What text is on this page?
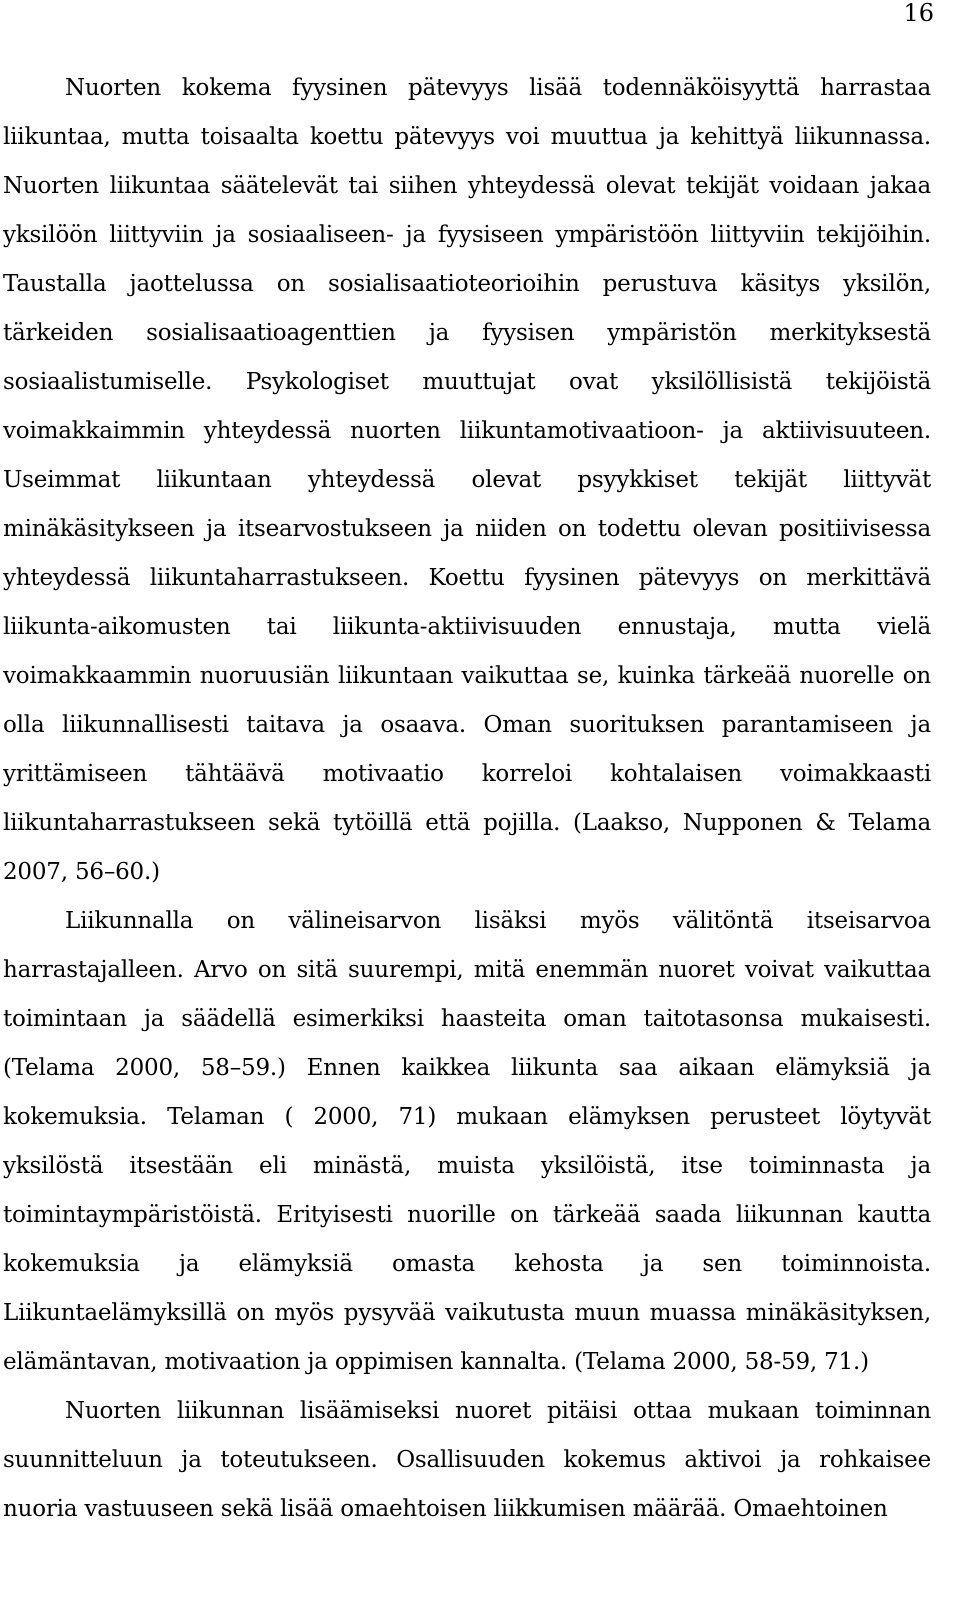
16

Nuorten kokema fyysinen pätevyys lisää todennäköisyyttä harrastaa liikuntaa, mutta toisaalta koettu pätevyys voi muuttua ja kehittyä liikunnassa. Nuorten liikuntaa säätelevät tai siihen yhteydessä olevat tekijät voidaan jakaa yksilöön liittyviin ja sosiaaliseen- ja fyysiseen ympäristöön liittyviin tekijöihin. Taustalla jaottelussa on sosialisaatioteorioihin perustuva käsitys yksilön, tärkeiden sosialisaatioagenttien ja fyysisen ympäristön merkityksestä sosiaalistumiselle. Psykologiset muuttujat ovat yksilöllisistä tekijöistä voimakkaimmin yhteydessä nuorten liikuntamotivaatioon- ja aktiivisuuteen. Useimmat liikuntaan yhteydessä olevat psyykkiset tekijät liittyvät minäkäsitykseen ja itsearvostukseen ja niiden on todettu olevan positiivisessa yhteydessä liikuntaharrastukseen. Koettu fyysinen pätevyys on merkittävä liikunta-aikomusten tai liikunta-aktiivisuuden ennustaja, mutta vielä voimakkaammin nuoruusiän liikuntaan vaikuttaa se, kuinka tärkeää nuorelle on olla liikunnallisesti taitava ja osaava. Oman suorituksen parantamiseen ja yrittämiseen tähtäävä motivaatio korreloi kohtalaisen voimakkaasti liikuntaharrastukseen sekä tytöillä että pojilla. (Laakso, Nupponen & Telama 2007, 56–60.)

Liikunnalla on välineisarvon lisäksi myös välitöntä itseisarvoa harrastajalleen. Arvo on sitä suurempi, mitä enemmän nuoret voivat vaikuttaa toimintaan ja säädellä esimerkiksi haasteita oman taitotasonsa mukaisesti. (Telama 2000, 58–59.) Ennen kaikkea liikunta saa aikaan elämyksiä ja kokemuksia. Telaman ( 2000, 71) mukaan elämyksen perusteet löytyvät yksilöstä itsestään eli minästä, muista yksilöistä, itse toiminnasta ja toimintaympäristöistä. Erityisesti nuorille on tärkeää saada liikunnan kautta kokemuksia ja elämyksiä omasta kehosta ja sen toiminnoista. Liikuntaelämyksillä on myös pysyvää vaikutusta muun muassa minäkäsityksen, elämäntavan, motivaation ja oppimisen kannalta. (Telama 2000, 58-59, 71.)

Nuorten liikunnan lisäämiseksi nuoret pitäisi ottaa mukaan toiminnan suunnitteluun ja toteutukseen. Osallisuuden kokemus aktivoi ja rohkaisee nuoria vastuuseen sekä lisää omaehtoisen liikkumisen määrää. Omaehtoinen
